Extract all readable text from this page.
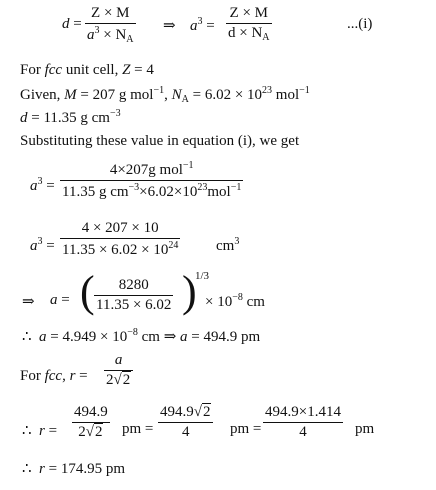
d =
Z × M
$a^3 \times N_A$
⇒ $a^3$ =
Z × M
$d \times N_A$
...(i)
For fcc unit cell, Z = 4
Given, M = 207 g mol$^{-1}$, $N_A = 6.02 \times 10^{23}$ mol$^{-1}$
d = 11.35 g $cm^{-3}$
Substituting these value in equation (i), we get
$a^3$ =
4×207g mol$^{-1}$
11.35 g $cm^{-3}\times 6.02\times 10^{23}mol^{-1}$
$a^3$ =
4 × 207 × 10
$11.35 \times 6.02 \times 10^{24}$	$cm^3$
⇒ a = (	8280
11.35 × 6.02 )
1/3
× $10^{-8}$ cm
∴ $a = 4.949 \times 10^{-8}$ cm ⇒ a = 494.9 pm
For fcc, r =
a
2√2
∴ r =
494.9
2√2	pm =
494.9√2
4	pm =
494.9×1.414
4	pm
∴ r = 174.95 pm
